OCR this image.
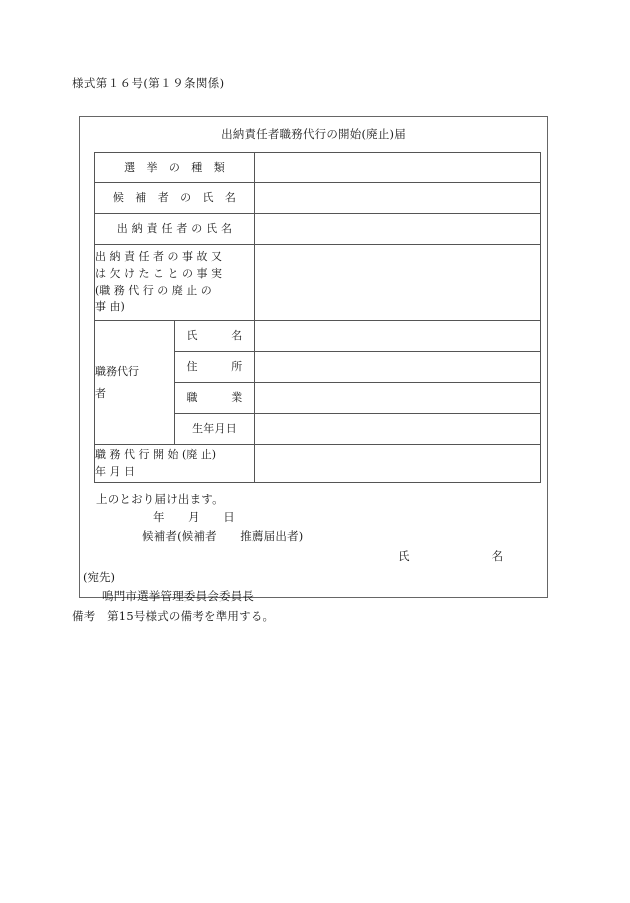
様式第１６号(第１９条関係)
出納責任者職務代行の開始(廃止)届
選　挙　の　種　類		
候　補　者　の　氏　名		
出 納 責 任 者 の 氏 名		

出 納 責 任 者 の 事 故 又
は 欠 け た こ と の 事 実
(職 務 代 行 の 廃 止 の
事 由)		

職務代行
者	氏　　　名	
	住　　　所	
	職　　　業	
	生年月日	

職 務 代 行 開 始 (廃 止)
年 月 日		

上のとおり届け出ます。
年　　月　　日
候補者(候補者　　推薦届出者)
氏　　　　　　　名
(宛先)
鳴門市選挙管理委員会委員長
備考　第15号様式の備考を準用する。
